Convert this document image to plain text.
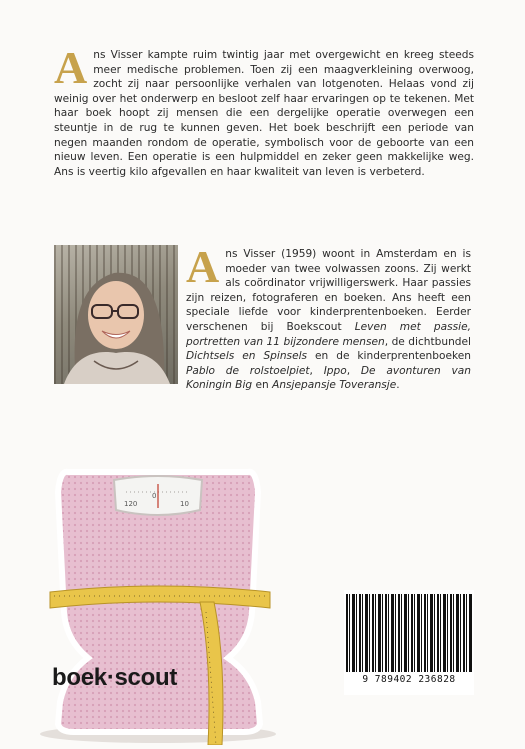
Ans Visser kampte ruim twintig jaar met overgewicht en kreeg steeds meer medische problemen. Toen zij een maagverkleining overwoog, zocht zij naar persoonlijke verhalen van lotgenoten. Helaas vond zij weinig over het onderwerp en besloot zelf haar ervaringen op te tekenen. Met haar boek hoopt zij mensen die een dergelijke operatie overwegen een steuntje in de rug te kunnen geven. Het boek beschrijft een periode van negen maanden rondom de operatie, symbolisch voor de geboorte van een nieuw leven. Een operatie is een hulpmiddel en zeker geen makkelijke weg. Ans is veertig kilo afgevallen en haar kwaliteit van leven is verbeterd.
Ans Visser (1959) woont in Amsterdam en is moeder van twee volwassen zoons. Zij werkt als coördinator vrijwilligerswerk. Haar passies zijn reizen, fotograferen en boeken. Ans heeft een speciale liefde voor kinderprentenboeken. Eerder verschenen bij Boekscout Leven met passie, portretten van 11 bijzondere mensen, de dichtbundel Dichtsels en Spinsels en de kinderprentenboeken Pablo de rolstoelpiet, Ippo, De avonturen van Koningin Big en Ansjepansje Toveransje.
120
0
10
boek·scout	9 789402 236828
